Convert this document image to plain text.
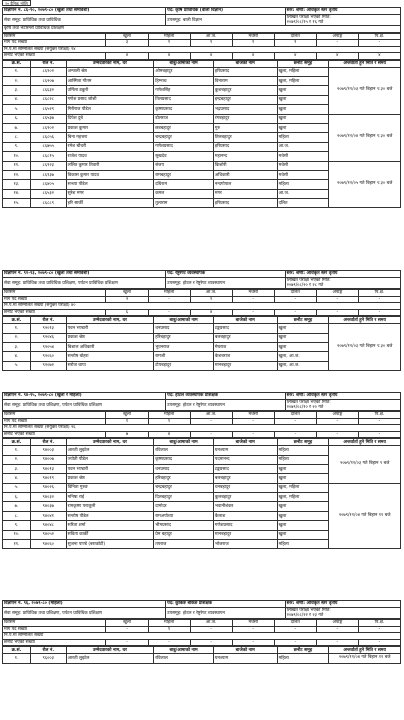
२० दैनिक भोलि
विज्ञापन नं. ८६-९०, २०७९-८० (खुला तथा समावेशी)	पद: कृषि प्राविधिक (वाली विज्ञान)	स्तर: श्रेणी: अधिकृत स्तर तृतीय
सेवा समूह: प्राविधिक तथा प्राविधिक	उपसमूह: बाली विज्ञान	लिखित परीक्षा भएको मिति:
२०७९/०८/१५ र १६ गते

कृषि तथा भेटेरिनरी प्राविधिक प्रशिक्षण		
किसिम	खुला	महिला	आ.ज.	मधेसी	दलित	अपाङ्ग	पि.क्षे.
माग पद संख्या	३	१	१	१	१	-	-
नि.प.मा सम्मिलित संख्या (संयुक्त परीक्षा) १४							
छनौट भएको संख्या	४	४	४	४	४	४	४
क्र.सं.	रोल नं.	उम्मेदवारको नाम, थर	बाबु/आमाको नाम	बाजेको नाम	छनौट समूह	अन्तर्वार्ता हुने मिति र समय
१.	८६१०२	अन्जली श्रेष्ठ	ओमबहादुर	हरिप्रसाद	खुला, महिला	२०७९/११/०३ गते बिहान ९:३० बजे
२.	८६२०७	आस्मिता गौतम	हिम्नाथ	विनाराम	खुला, महिला	
३.	८६६३२	उर्मिला ठकुरी	गणेशसिंह	कुशबहादुर	खुला	
४.	८६८२८	गणेश प्रसाद जोशी	तिलप्रसाद	इन्द्रबहादुर	खुला	
५.	८६५२९	गिरीराज पौडेल	कृष्णप्रसाद	भद्रप्रसाद	खुला	
६.	८६५३७	दिपेश दुबे	डोलराज	रंगबहादुर	खुला	२०७९/११/०४ गते बिहान ९:३० बजे
७.	८६९०२	प्रकाश कुमार	छत्रबहादुर	गुरु	खुला	
८.	८६८५६	बिना महत्तरा	चन्द्रबहादुर	तिलबहादुर	महिला	
९.	८६७५५	रमेश चौधरी	गणेशप्रसाद	हरिप्रसाद	आ.ज.	
१०.	८६८१५	राजेश यादव	सुखदेव	महानन्द	मधेसी	
११.	८६९२३	ललित कुमार तिवारी	संजय	किशोरी	मधेसी	२०७९/११/०५ गते बिहान ९:३० बजे
१२.	८६९३७	विकास कुमार यादव	रामबहादुर	अधिकारी	मधेसी	
१३.	८६४०५	सन्ध्या पौडेल	दधिराम	नन्दगोपाल	महिला	
१४.	८६५३२	सुरेश मगर	कमल	मगर	आ.ज.	
१५.	८६८८९	हरि सार्की	तुलाराम	हरिप्रसाद	दलित	
विज्ञापन नं. ९२-९३, २०७९-८० (खुला तथा समावेशी)	पद: रेष्टुरेण्ट व्यवस्थापक	स्तर: श्रेणी: अधिकृत स्तर तृतीय
सेवा समूह: प्राविधिक तथा प्राविधिक प्रशिक्षण, पर्यटन प्राविधिक प्रशिक्षण	उपसमूह: होटल र रेष्टुरेण्ट व्यवस्थापन	लिखित परीक्षा भएको मिति:
२०७९/०८/२० र २८ गते
किसिम	खुला	महिला	आ.ज.	मधेसी	दलित	अपाङ्ग	पि.क्षे.
माग पद संख्या	२	-	१	-	-	-	-
नि.प.मा सम्मिलित संख्या (संयुक्त परीक्षा) ४०							
छनौट भएको संख्या	६	-	४	-	-	-	-
क्र.सं.	रोल नं.	उम्मेदवारको नाम, थर	बाबु/आमाको नाम	बाजेको नाम	छनौट समूह	अन्तर्वार्ता हुने मिति र समय
१.	९२०१३	पवन भण्डारी	धनप्रसाद	टङ्कप्रसाद	खुला	२०७९/११/०३ गते बिहान ९:३० बजे
२.	९२०४६	प्रकाश श्रेष्ठ	हरिबहादुर	बलबहादुर	खुला	
३.	९२०५४	बिशाल अधिकारी	भुवनराज	मेघराज	खुला	
४.	९२०६०	सन्तोष बोहरा	रामजी	केशबराज	खुला, आ.ज.	
५.	९२०७२	सरोज थापा	टोपबहादुर	मानबहादुर	खुला, आ.ज.	
विज्ञापन नं. ९४-९५, २०७९-८० (खुला र महिला)	पद: होटल व्यवस्थापक प्रशिक्षक	स्तर: श्रेणी: अधिकृत स्तर तृतीय
सेवा समूह: प्राविधिक तथा प्रशिक्षण, पर्यटन प्राविधिक प्रशिक्षण	उपसमूह: होटल र रेष्टुरेण्ट व्यवस्थापन	लिखित परीक्षा भएको मिति:
२०७९/०८/१० र २० गते
किसिम	खुला	महिला	आ.ज.	मधेसी	दलित	अपाङ्ग	पि.क्षे.
माग पद संख्या	१	१	-	-	-	-	-
नि.प.मा सम्मिलित संख्या (संयुक्त परीक्षा) २६							
छनौट भएको संख्या	७	४	-	-	-	-	-
क्र.सं.	रोल नं.	उम्मेदवारको नाम, थर	बाबु/आमाको नाम	बाजेको नाम	छनौट समूह	अन्तर्वार्ता हुने मिति र समय
१.	९४००३	आरती लुइटेल	रविलाल	घनश्याम	महिला	२०७९/११/०३ गते बिहान ९ बजे
२.	९४००७	ज्योती पौडेल	कृष्णप्रसाद	पदमानन्द	महिला	
३.	९४०१३	पवन भण्डारी	धनप्रसाद	टङ्कप्रसाद	खुला	
४.	९४०१९	प्रकाश श्रेष्ठ	हरिबहादुर	बलबहादुर	खुला	
५.	९४०२६	विनिता गुरुङ	चन्द्रबहादुर	धनबहादुर	खुला, महिला	२०७९/११/०४ गते बिहान ११ बजे
६.	९४०३२	मनिषा राई	दिलबहादुर	कुलबहादुर	खुला, महिला	
७.	९४०३७	रामकृष्ण पराजुली	दामोदर	भवानीशंकर	खुला	
८.	९४०४१	सन्तोष पौडेल	रामअयोध्या	कैलाश	खुला	
९.	९४०४८	सरिता शर्मा	भीमप्रसाद	गणेशप्रसाद	खुला	
१०.	९४०५२	सविता कार्की	प्रेम बहादुर	मानबहादुर	खुला	
११.	९४०६०	सुजना पाण्डे (बराकोटी)	तपराज	भोजराज	महिला	
विज्ञापन नं. ९६, २०७९-८० (महिला)	पद: कुकिङ बेकिङ प्रशिक्षक	स्तर: श्रेणी: अधिकृत स्तर तृतीय
सेवा समूह: प्राविधिक तथा प्रशिक्षण, पर्यटन प्राविधिक प्रशिक्षण	उपसमूह: होटल र रेष्टुरेण्ट व्यवस्थापन	लिखित परीक्षा भएको मिति:
२०७९/०८/२२ र २३ गते
किसिम	खुला	महिला	आ.ज.	मधेसी	दलित	अपाङ्ग	पि.क्षे.
माग पद संख्या	-	१	-	-	-	-	-
नि.प.मा सम्मिलित संख्या							
छनौट भएको संख्या	-	-	-	-	-	-	-
क्र.सं.	रोल नं.	उम्मेदवारको नाम, थर	बाबु/आमाको नाम	बाजेको नाम	छनौट समूह	अन्तर्वार्ता हुने मिति र समय
१.	९६००३	आरती लुइटेल	रविलाल	घनश्याम	महिला	२०७९/११/०४ गते बिहान ११ बजे
